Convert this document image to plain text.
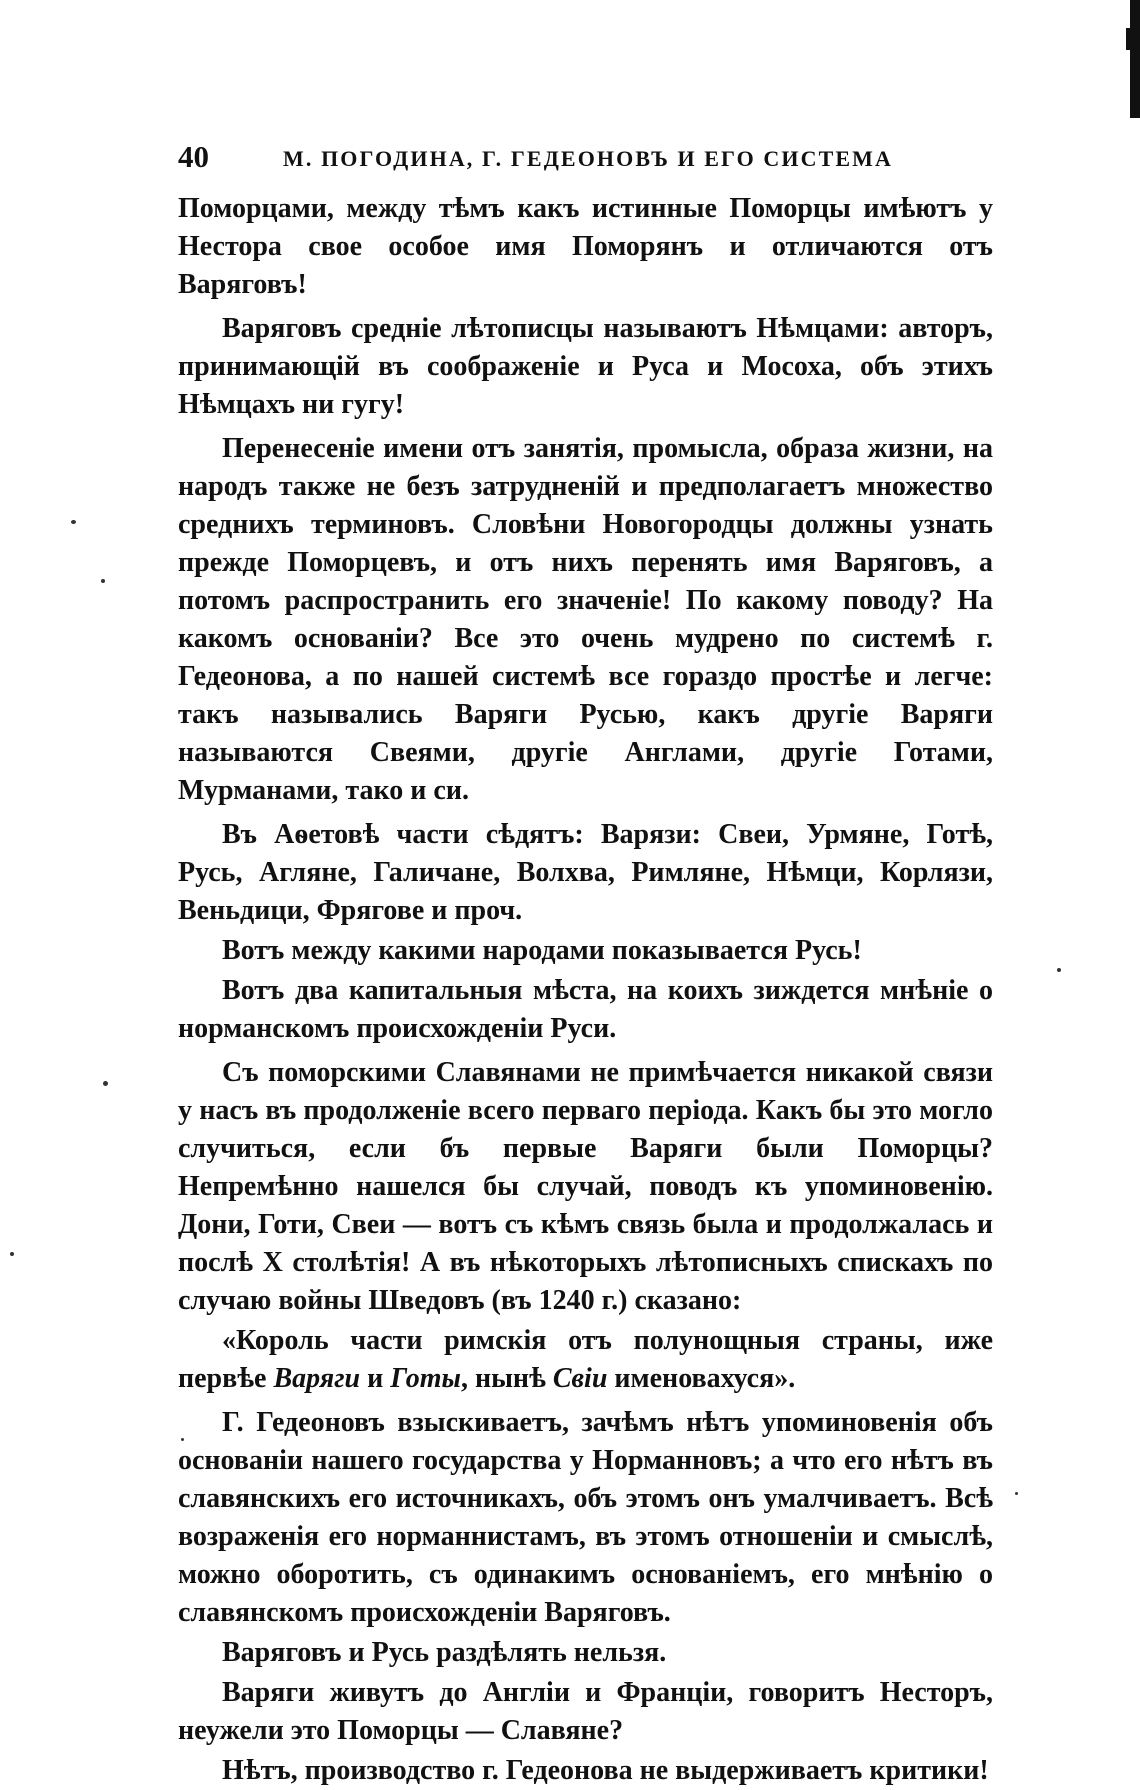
40	М. ПОГОДИНА, Г. ГЕДЕОНОВЪ И ЕГО СИСТЕМА

Поморцами, между тѣмъ какъ истинные Поморцы имѣютъ у Нестора свое особое имя Поморянъ и отличаются отъ Варяговъ!

Варяговъ средніе лѣтописцы называютъ Нѣмцами: авторъ, принимающій въ соображеніе и Руса и Мосоха, объ этихъ Нѣмцахъ ни гугу!

Перенесеніе имени отъ занятія, промысла, образа жизни, на народъ также не безъ затрудненій и предполагаетъ множество среднихъ терминовъ. Словѣни Новогородцы должны узнать прежде Поморцевъ, и отъ нихъ перенять имя Варяговъ, а потомъ распространить его значеніе! По какому поводу? На какомъ основаніи? Все это очень мудрено по системѣ г. Гедеонова, а по нашей системѣ все гораздо простѣе и легче: такъ назывались Варяги Русью, какъ другіе Варяги называются Свеями, другіе Англами, другіе Готами, Мурманами, тако и си.

Въ Аѳетовѣ части сѣдятъ: Варязи: Свеи, Урмяне, Готѣ, Русь, Агляне, Галичане, Волхва, Римляне, Нѣмци, Корлязи, Веньдици, Фрягове и проч.

Вотъ между какими народами показывается Русь!

Вотъ два капитальныя мѣста, на коихъ зиждется мнѣніе о норманскомъ происхожденіи Руси.

Съ поморскими Славянами не примѣчается никакой связи у насъ въ продолженіе всего перваго періода. Какъ бы это могло случиться, если бъ первые Варяги были Поморцы? Непремѣнно нашелся бы случай, поводъ къ упоминовенію. Дони, Готи, Свеи — вотъ съ кѣмъ связь была и продолжалась и послѣ X столѣтія! А въ нѣкоторыхъ лѣтописныхъ спискахъ по случаю войны Шведовъ (въ 1240 г.) сказано:

«Король части римскія отъ полунощныя страны, иже первѣе Варяги и Готы, нынѣ Свіи именовахуся».

Г. Гедеоновъ взыскиваетъ, зачѣмъ нѣтъ упоминовенія объ основаніи нашего государства у Норманновъ; а что его нѣтъ въ славянскихъ его источникахъ, объ этомъ онъ умалчиваетъ. Всѣ возраженія его норманнистамъ, въ этомъ отношеніи и смыслѣ, можно оборотить, съ одинакимъ основаніемъ, его мнѣнію о славянскомъ происхожденіи Варяговъ.

Варяговъ и Русь раздѣлять нельзя.

Варяги живутъ до Англіи и Франціи, говоритъ Несторъ, неужели это Поморцы — Славяне?

Нѣтъ, производство г. Гедеонова не выдерживаетъ критики!
